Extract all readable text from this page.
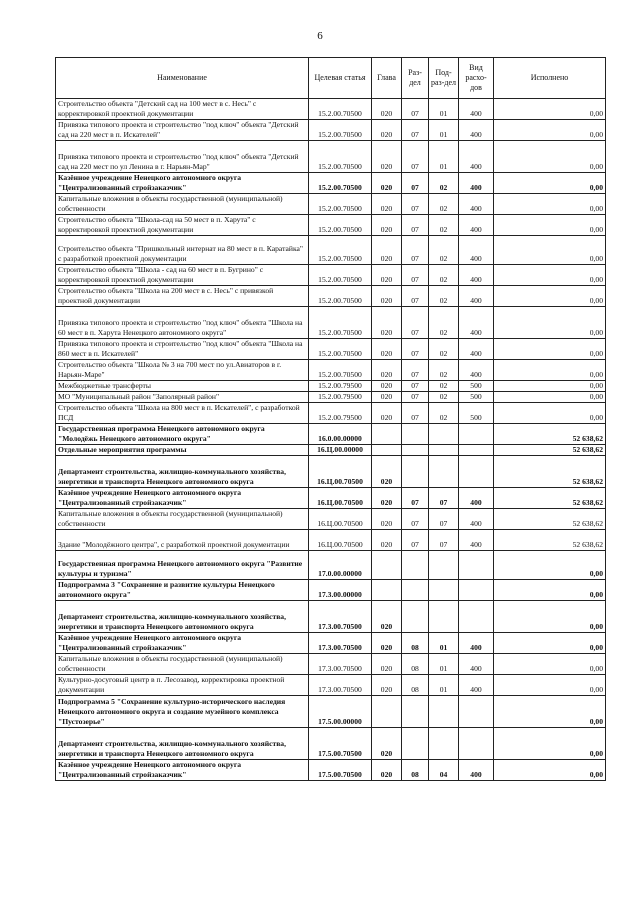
6
Наименование	Целевая статья	Глава	Раз-дел	Под-раз-дел	Вид расхо-дов	Исполнено
Строительство объекта "Детский сад на 100 мест в с. Несь" с корректировкой проектной документации	15.2.00.70500	020	07	01	400	0,00
Привязка типового проекта и строительство "под ключ" объекта "Детский сад на 220 мест в п. Искателей"	15.2.00.70500	020	07	01	400	0,00
Привязка типового проекта и строительство "под ключ" объекта "Детский сад на 220 мест по ул Ленина в г. Нарьян-Мар"	15.2.00.70500	020	07	01	400	0,00
Казённое учреждение Ненецкого автономного округа "Централизованный стройзаказчик"	15.2.00.70500	020	07	02	400	0,00
Капитальные вложения в объекты государственной (муниципальной) собственности	15.2.00.70500	020	07	02	400	0,00
Строительство объекта "Школа-сад на 50 мест в п. Харута" с корректировкой проектной документации	15.2.00.70500	020	07	02	400	0,00
Строительство объекта "Пришкольный интернат на 80 мест в п. Каратайка" с разработкой проектной документации	15.2.00.70500	020	07	02	400	0,00
Строительство объекта "Школа - сад на 60 мест в п. Бугрино" с корректировкой проектной документации	15.2.00.70500	020	07	02	400	0,00
Строительство объекта "Школа на 200 мест в с. Несь" с привязкой проектной документации	15.2.00.70500	020	07	02	400	0,00
Привязка типового проекта и строительство "под ключ" объекта "Школа на 60 мест в п. Харута Ненецкого автономного округа"	15.2.00.70500	020	07	02	400	0,00
Привязка типового проекта и строительство "под ключ" объекта "Школа на 860 мест в п. Искателей"	15.2.00.70500	020	07	02	400	0,00
Строительство объекта "Школа № 3 на 700 мест по ул.Авиаторов в г. Нарьян-Маре"	15.2.00.70500	020	07	02	400	0,00
Межбюджетные трансферты	15.2.00.79500	020	07	02	500	0,00
МО "Муниципальный район "Заполярный район"	15.2.00.79500	020	07	02	500	0,00
Строительство объекта "Школа на 800 мест в п. Искателей", с разработкой ПСД	15.2.00.79500	020	07	02	500	0,00
Государственная программа Ненецкого автономного округа "Молодёжь Ненецкого автономного округа"	16.0.00.00000					52 638,62
Отдельные мероприятия программы	16.Ц.00.00000					52 638,62
Департамент строительства, жилищно-коммунального хозяйства, энергетики и транспорта Ненецкого автономного округа	16.Ц.00.70500	020				52 638,62
Казённое учреждение Ненецкого автономного округа "Централизованный стройзаказчик"	16.Ц.00.70500	020	07	07	400	52 638,62
Капитальные вложения в объекты государственной (муниципальной) собственности	16.Ц.00.70500	020	07	07	400	52 638,62
Здание "Молодёжного центра", с разработкой проектной документации	16.Ц.00.70500	020	07	07	400	52 638,62
Государственная программа Ненецкого автономного округа "Развитие культуры и туризма"	17.0.00.00000					0,00
Подпрограмма 3 "Сохранение и развитие культуры Ненецкого автономного округа"	17.3.00.00000					0,00
Департамент строительства, жилищно-коммунального хозяйства, энергетики и транспорта Ненецкого автономного округа	17.3.00.70500	020				0,00
Казённое учреждение Ненецкого автономного округа "Централизованный стройзаказчик"	17.3.00.70500	020	08	01	400	0,00
Капитальные вложения в объекты государственной (муниципальной) собственности	17.3.00.70500	020	08	01	400	0,00
Культурно-досуговый центр в п. Лесозавод, корректировка проектной документации	17.3.00.70500	020	08	01	400	0,00
Подпрограмма 5 "Сохранение культурно-исторического наследия Ненецкого автономного округа и создание музейного комплекса "Пустозерье"	17.5.00.00000					0,00
Департамент строительства, жилищно-коммунального хозяйства, энергетики и транспорта Ненецкого автономного округа	17.5.00.70500	020				0,00
Казённое учреждение Ненецкого автономного округа "Централизованный стройзаказчик"	17.5.00.70500	020	08	04	400	0,00
